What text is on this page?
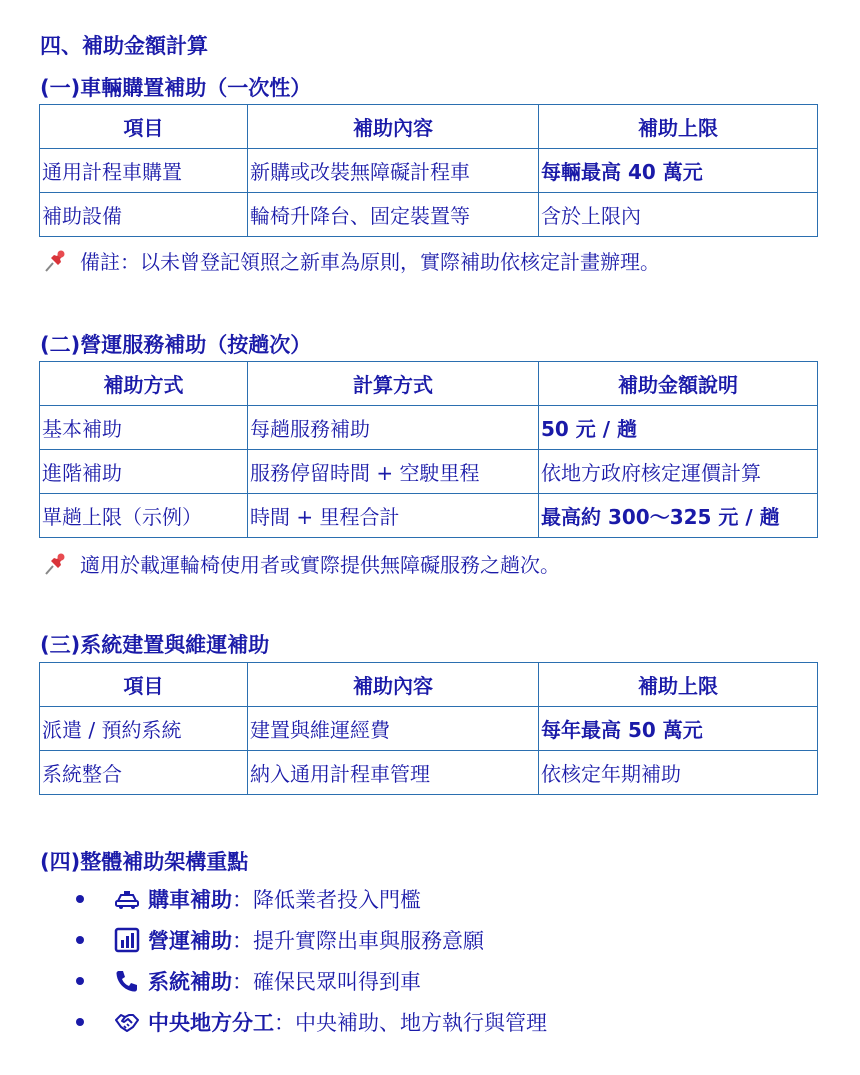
四、補助金額計算
(一)車輛購置補助（一次性）
項目	補助內容	補助上限
通用計程車購置	新購或改裝無障礙計程車	每輛最高 40 萬元
補助設備	輪椅升降台、固定裝置等	含於上限內
備註：以未曾登記領照之新車為原則，實際補助依核定計畫辦理。
(二)營運服務補助（按趟次）
補助方式	計算方式	補助金額說明
基本補助	每趟服務補助	50 元 / 趟
進階補助	服務停留時間 + 空駛里程	依地方政府核定運價計算
單趟上限（示例）	時間 + 里程合計	最高約 300～325 元 / 趟
適用於載運輪椅使用者或實際提供無障礙服務之趟次。
(三)系統建置與維運補助
項目	補助內容	補助上限
派遣 / 預約系統	建置與維運經費	每年最高 50 萬元
系統整合	納入通用計程車管理	依核定年期補助
(四)整體補助架構重點
購車補助 ：降低業者投入門檻
營運補助 ：提升實際出車與服務意願
系統補助 ：確保民眾叫得到車
中央地方分工 ：中央補助、地方執行與管理
